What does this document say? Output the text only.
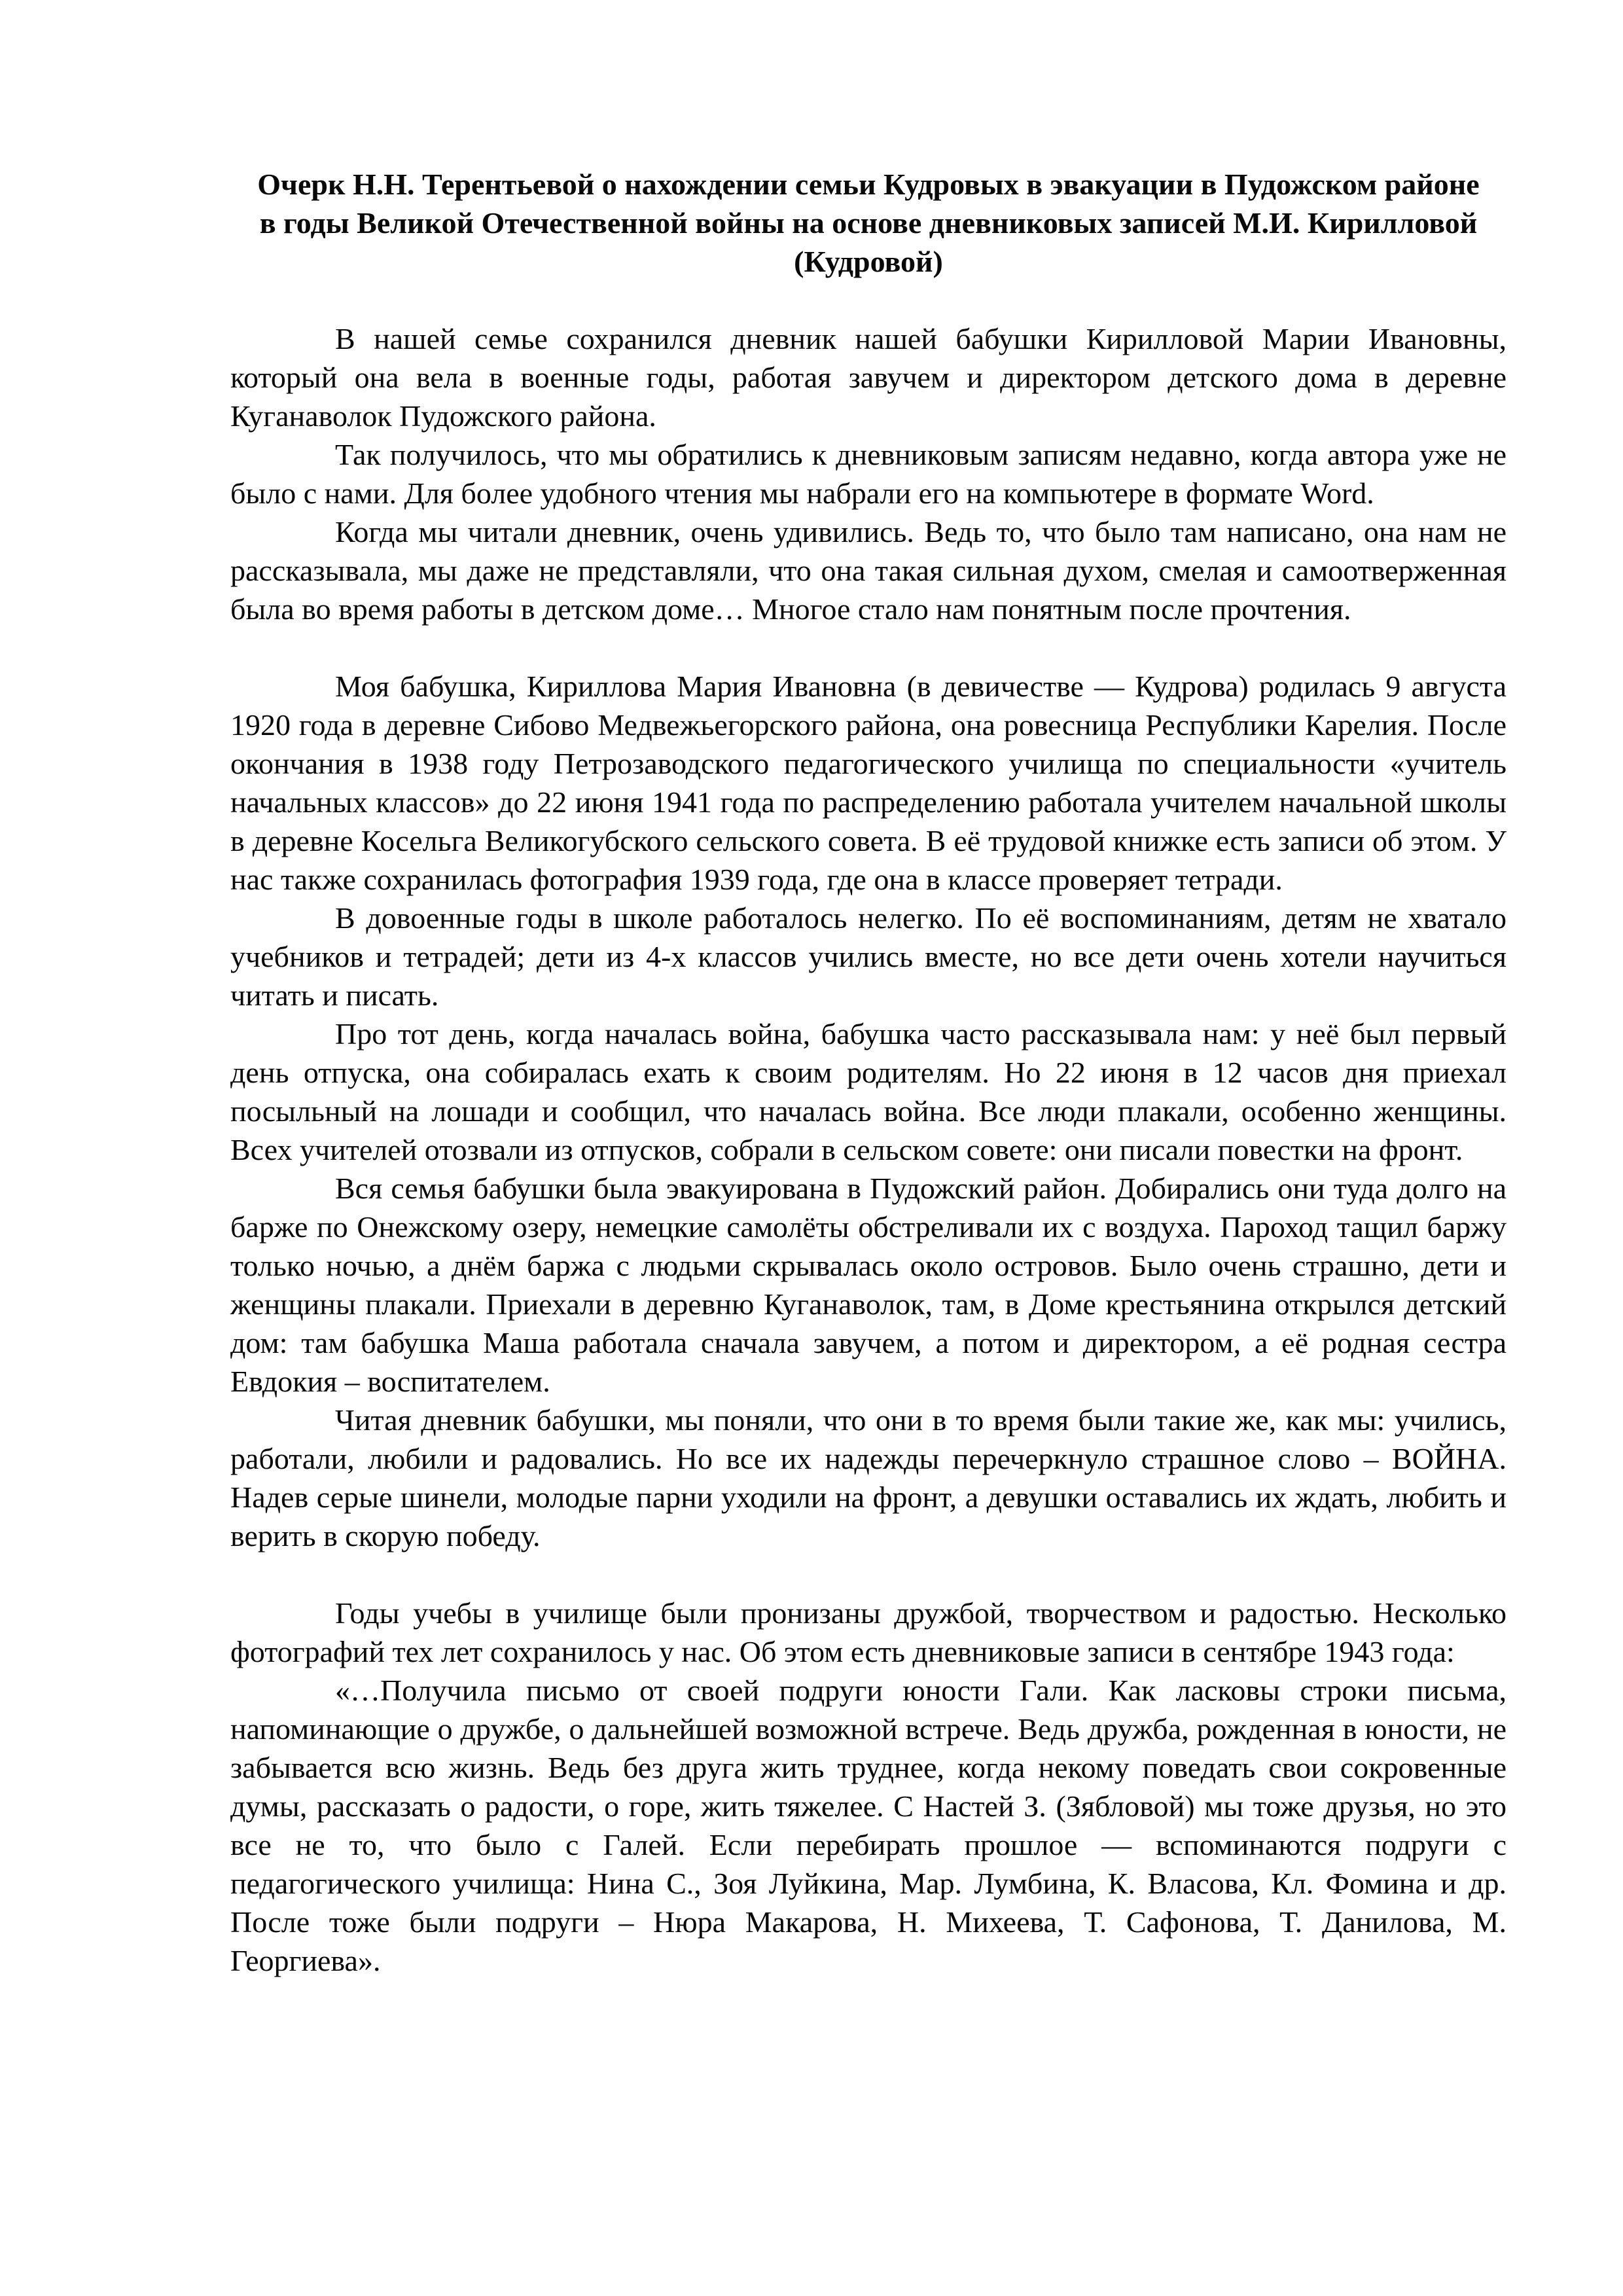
Очерк Н.Н. Терентьевой о нахождении семьи Кудровых в эвакуации в Пудожском районе
в годы Великой Отечественной войны на основе дневниковых записей М.И. Кирилловой
(Кудровой)

В нашей семье сохранился дневник нашей бабушки Кирилловой Марии Ивановны, который она вела в военные годы, работая завучем и директором детского дома в деревне Куганаволок Пудожского района.

Так получилось, что мы обратились к дневниковым записям недавно, когда автора уже не было с нами. Для более удобного чтения мы набрали его на компьютере в формате Word.

Когда мы читали дневник, очень удивились. Ведь то, что было там написано, она нам не рассказывала, мы даже не представляли, что она такая сильная духом, смелая и самоотверженная была во время работы в детском доме… Многое стало нам понятным после прочтения.

Моя бабушка, Кириллова Мария Ивановна (в девичестве — Кудрова) родилась 9 августа 1920 года в деревне Сибово Медвежьегорского района, она ровесница Республики Карелия. После окончания в 1938 году Петрозаводского педагогического училища по специальности «учитель начальных классов» до 22 июня 1941 года по распределению работала учителем начальной школы в деревне Косельга Великогубского сельского совета. В её трудовой книжке есть записи об этом. У нас также сохранилась фотография 1939 года, где она в классе проверяет тетради.

В довоенные годы в школе работалось нелегко. По её воспоминаниям, детям не хватало учебников и тетрадей; дети из 4-х классов учились вместе, но все дети очень хотели научиться читать и писать.

Про тот день, когда началась война, бабушка часто рассказывала нам: у неё был первый день отпуска, она собиралась ехать к своим родителям. Но 22 июня в 12 часов дня приехал посыльный на лошади и сообщил, что началась война. Все люди плакали, особенно женщины. Всех учителей отозвали из отпусков, собрали в сельском совете: они писали повестки на фронт.

Вся семья бабушки была эвакуирована в Пудожский район. Добирались они туда долго на барже по Онежскому озеру, немецкие самолёты обстреливали их с воздуха. Пароход тащил баржу только ночью, а днём баржа с людьми скрывалась около островов. Было очень страшно, дети и женщины плакали. Приехали в деревню Куганаволок, там, в Доме крестьянина открылся детский дом: там бабушка Маша работала сначала завучем, а потом и директором, а её родная сестра Евдокия – воспитателем.

Читая дневник бабушки, мы поняли, что они в то время были такие же, как мы: учились, работали, любили и радовались. Но все их надежды перечеркнуло страшное слово – ВОЙНА. Надев серые шинели, молодые парни уходили на фронт, а девушки оставались их ждать, любить и верить в скорую победу.

Годы учебы в училище были пронизаны дружбой, творчеством и радостью. Несколько фотографий тех лет сохранилось у нас. Об этом есть дневниковые записи в сентябре 1943 года:

«…Получила письмо от своей подруги юности Гали. Как ласковы строки письма, напоминающие о дружбе, о дальнейшей возможной встрече. Ведь дружба, рожденная в юности, не забывается всю жизнь. Ведь без друга жить труднее, когда некому поведать свои сокровенные думы, рассказать о радости, о горе, жить тяжелее. С Настей З. (Зябловой) мы тоже друзья, но это все не то, что было с Галей. Если перебирать прошлое — вспоминаются подруги с педагогического училища: Нина С., Зоя Луйкина, Мар. Лумбина, К. Власова, Кл. Фомина и др. После тоже были подруги – Нюра Макарова, Н. Михеева, Т. Сафонова, Т. Данилова, М. Георгиева».
